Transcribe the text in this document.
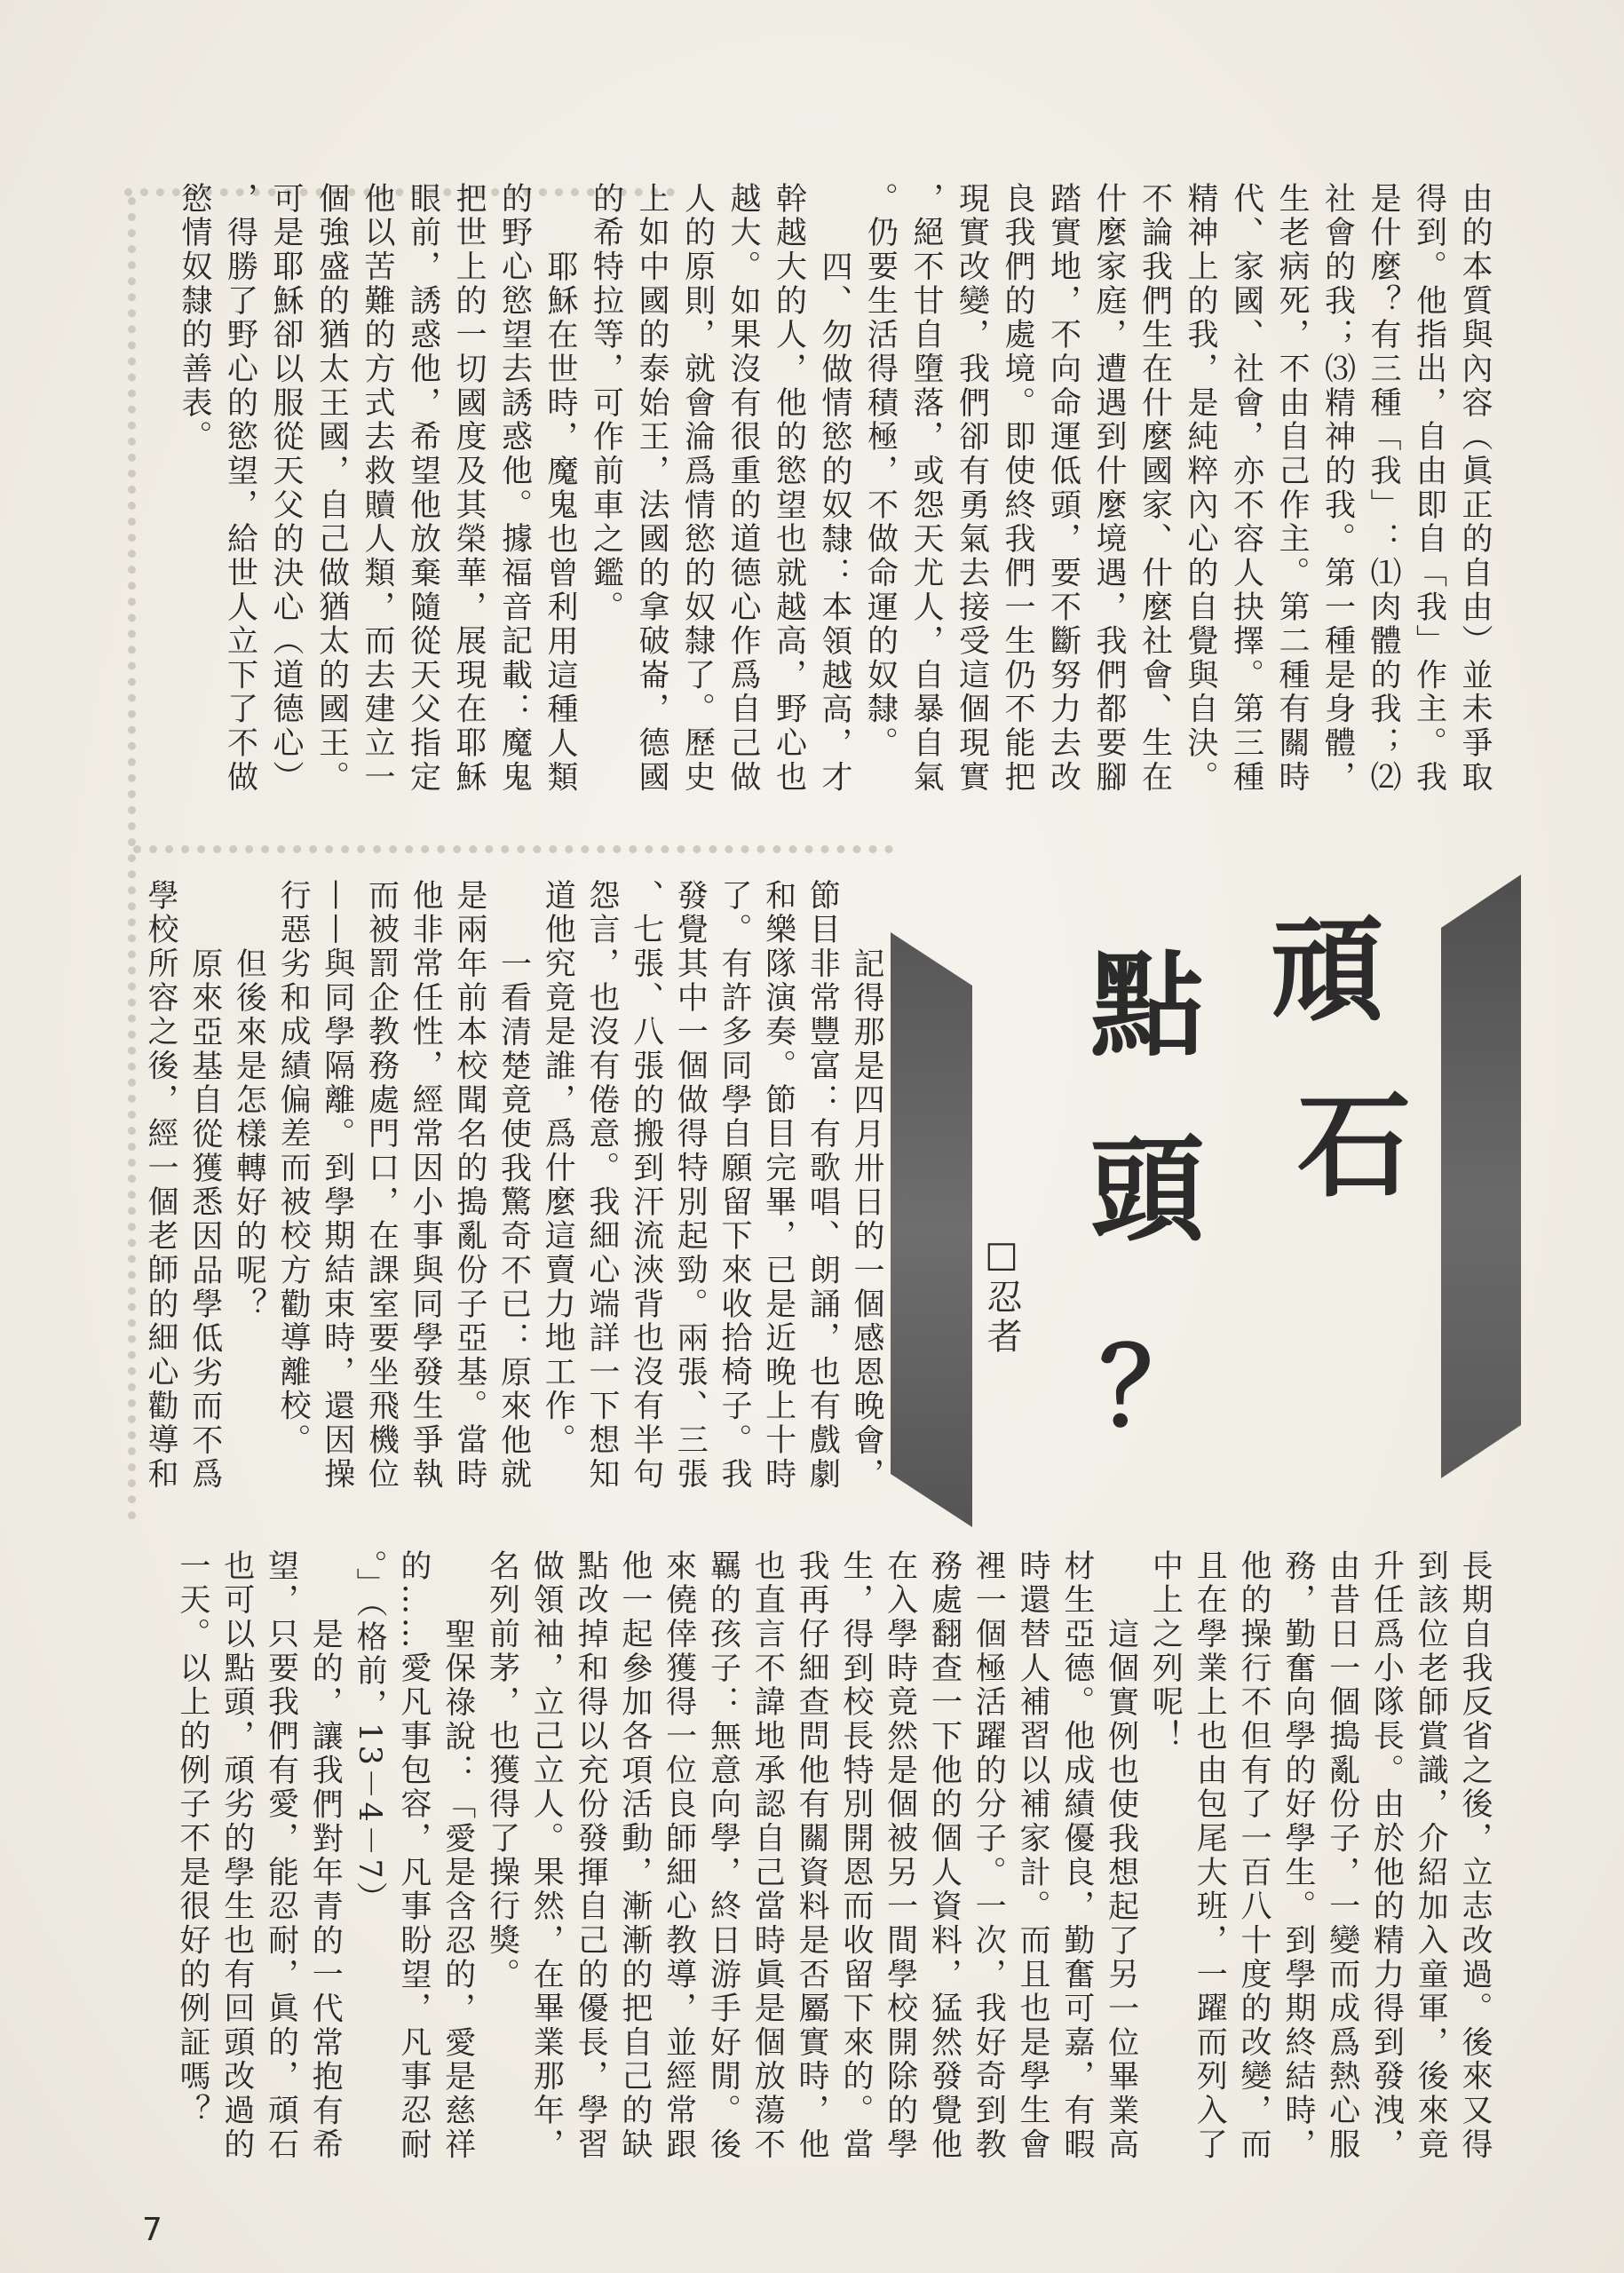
由的本質與內容（眞正的自由）並未爭取
得到。他指出，自由即自「我」作主。我
是什麼？有三種「我」：⑴肉體的我；⑵
社會的我；⑶精神的我。第一種是身體，
生老病死，不由自己作主。第二種有關時
代、家國、社會，亦不容人抉擇。第三種
精神上的我，是純粹內心的自覺與自決。
不論我們生在什麼國家、什麼社會、生在
什麼家庭，遭遇到什麼境遇，我們都要腳
踏實地，不向命運低頭，要不斷努力去改
良我們的處境。即使終我們一生仍不能把
現實改變，我們卻有勇氣去接受這個現實
，絕不甘自墮落，或怨天尤人，自暴自氣
。仍要生活得積極，不做命運的奴隸。
四、勿做情慾的奴隸：本領越高，才
幹越大的人，他的慾望也就越高，野心也
越大。如果沒有很重的道德心作爲自己做
人的原則，就會淪爲情慾的奴隸了。歷史
上如中國的泰始王，法國的拿破崙，德國
的希特拉等，可作前車之鑑。
耶穌在世時，魔鬼也曾利用這種人類
的野心慾望去誘惑他。據福音記載：魔鬼
把世上的一切國度及其榮華，展現在耶穌
眼前，誘惑他，希望他放棄隨從天父指定
他以苦難的方式去救贖人類，而去建立一
個強盛的猶太王國，自己做猶太的國王。
可是耶穌卻以服從天父的決心（道德心）
，得勝了野心的慾望，給世人立下了不做
慾情奴隸的善表。
頑
石
點
頭
？
□忍者
記得那是四月卅日的一個感恩晚會，
節目非常豐富：有歌唱、朗誦，也有戲劇
和樂隊演奏。節目完畢，已是近晚上十時
了。有許多同學自願留下來收拾椅子。我
發覺其中一個做得特別起勁。兩張、三張
、七張、八張的搬到汗流浹背也沒有半句
怨言，也沒有倦意。我細心端詳一下想知
道他究竟是誰，爲什麼這賣力地工作。
一看清楚竟使我驚奇不已：原來他就
是兩年前本校聞名的搗亂份子亞基。當時
他非常任性，經常因小事與同學發生爭執
而被罰企教務處門口，在課室要坐飛機位
——與同學隔離。到學期結束時，還因操
行惡劣和成績偏差而被校方勸導離校。
但後來是怎樣轉好的呢？
原來亞基自從獲悉因品學低劣而不爲
學校所容之後，經一個老師的細心勸導和
長期自我反省之後，立志改過。後來又得
到該位老師賞識，介紹加入童軍，後來竟
升任爲小隊長。由於他的精力得到發洩，
由昔日一個搗亂份子，一變而成爲熱心服
務，勤奮向學的好學生。到學期終結時，
他的操行不但有了一百八十度的改變，而
且在學業上也由包尾大班，一躍而列入了
中上之列呢！
這個實例也使我想起了另一位畢業高
材生亞德。他成績優良，勤奮可嘉，有暇
時還替人補習以補家計。而且也是學生會
裡一個極活躍的分子。一次，我好奇到教
務處翻查一下他的個人資料，猛然發覺他
在入學時竟然是個被另一間學校開除的學
生，得到校長特別開恩而收留下來的。當
我再仔細查問他有關資料是否屬實時，他
也直言不諱地承認自己當時眞是個放蕩不
羈的孩子：無意向學，終日游手好閒。後
來僥倖獲得一位良師細心教導，並經常跟
他一起參加各項活動，漸漸的把自己的缺
點改掉和得以充份發揮自己的優長，學習
做領袖，立己立人。果然，在畢業那年，
名列前茅，也獲得了操行獎。
聖保祿說：「愛是含忍的，愛是慈祥
的……愛凡事包容，凡事盼望，凡事忍耐
。」（格前，13－4－7）
是的，讓我們對年青的一代常抱有希
望，只要我們有愛，能忍耐，眞的，頑石
也可以點頭，頑劣的學生也有回頭改過的
一天。以上的例子不是很好的例証嗎？
7
